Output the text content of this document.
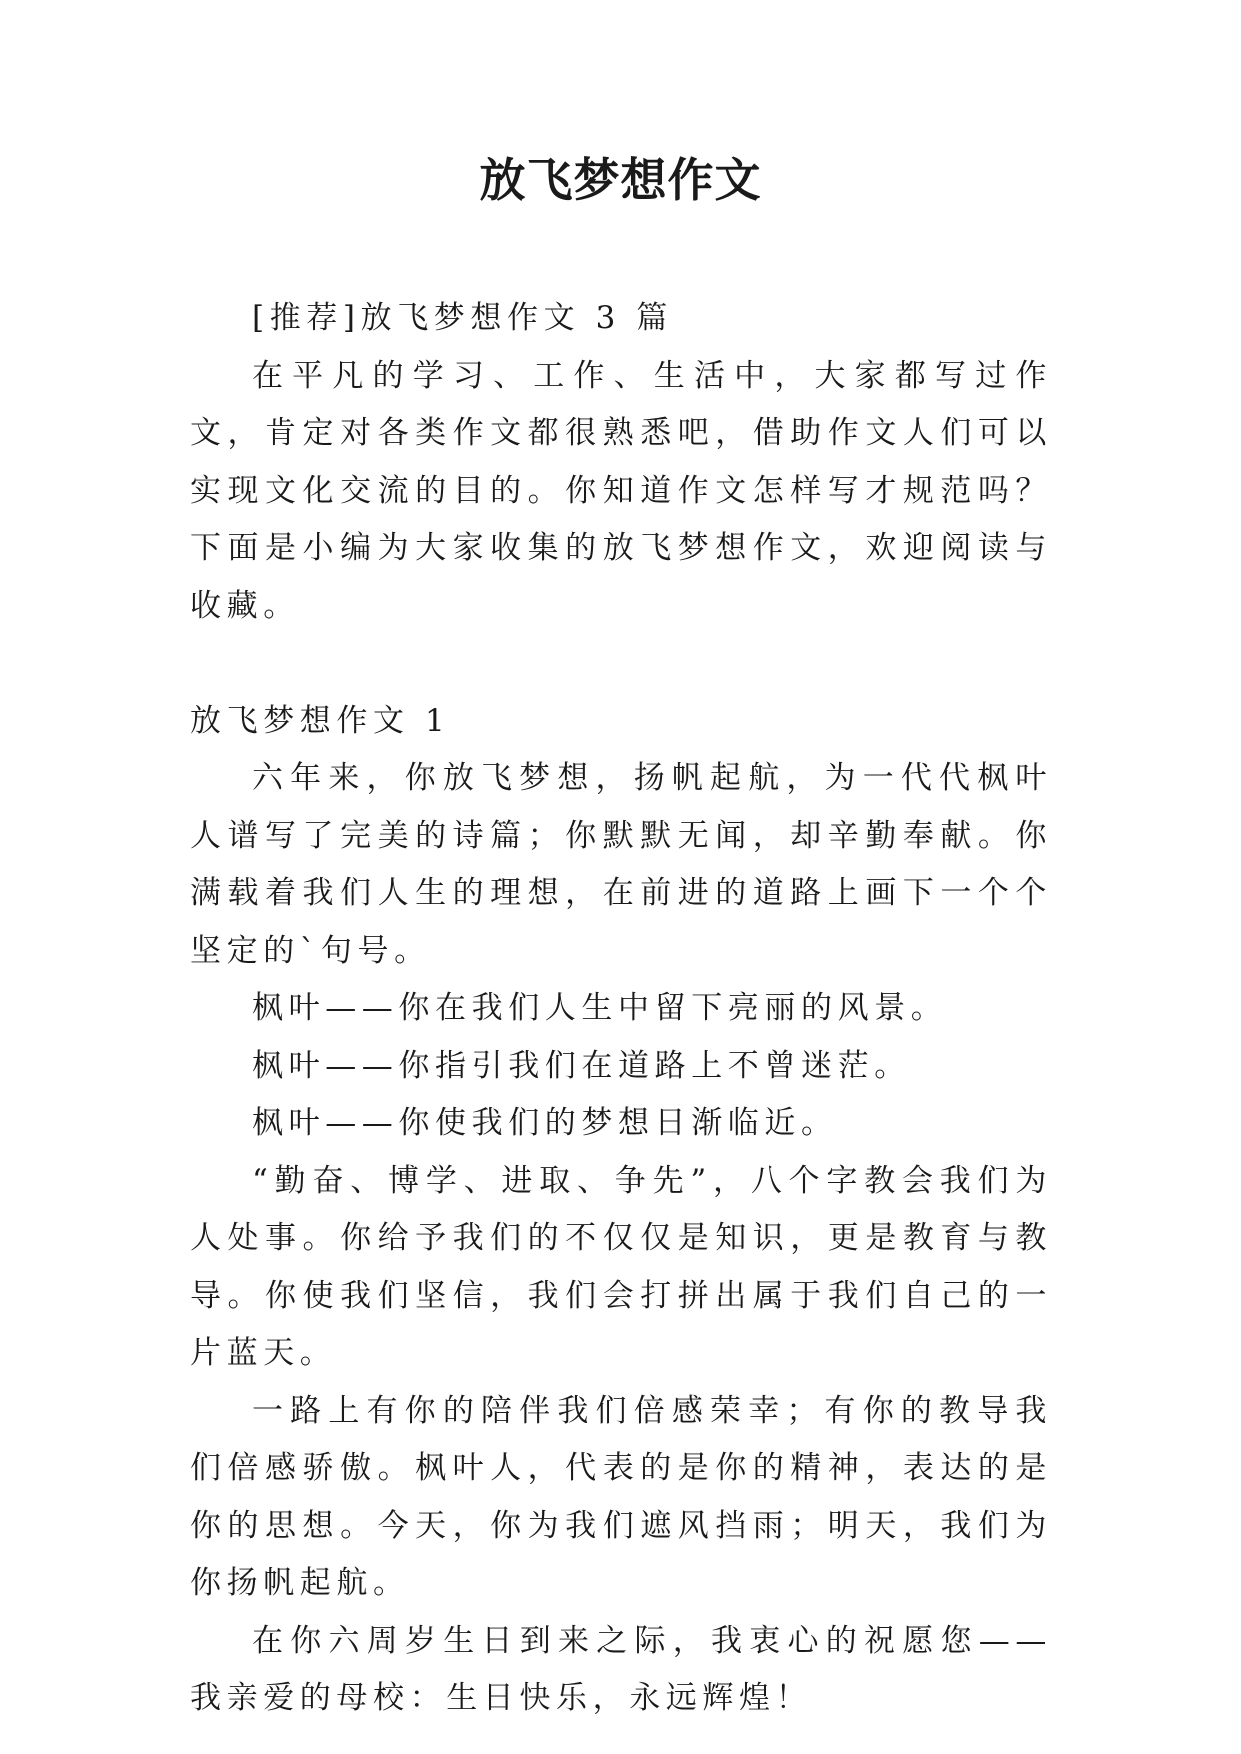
放飞梦想作文

[推荐]放飞梦想作文 3 篇

在平凡的学习、工作、生活中，大家都写过作文，肯定对各类作文都很熟悉吧，借助作文人们可以实现文化交流的目的。你知道作文怎样写才规范吗？下面是小编为大家收集的放飞梦想作文，欢迎阅读与收藏。

放飞梦想作文 1

六年来，你放飞梦想，扬帆起航，为一代代枫叶人谱写了完美的诗篇；你默默无闻，却辛勤奉献。你满载着我们人生的理想，在前进的道路上画下一个个坚定的`句号。

枫叶——你在我们人生中留下亮丽的风景。

枫叶——你指引我们在道路上不曾迷茫。

枫叶——你使我们的梦想日渐临近。

“勤奋、博学、进取、争先”，八个字教会我们为人处事。你给予我们的不仅仅是知识，更是教育与教导。你使我们坚信，我们会打拼出属于我们自己的一片蓝天。

一路上有你的陪伴我们倍感荣幸；有你的教导我们倍感骄傲。枫叶人，代表的是你的精神，表达的是你的思想。今天，你为我们遮风挡雨；明天，我们为你扬帆起航。

在你六周岁生日到来之际，我衷心的祝愿您——我亲爱的母校：生日快乐，永远辉煌！
